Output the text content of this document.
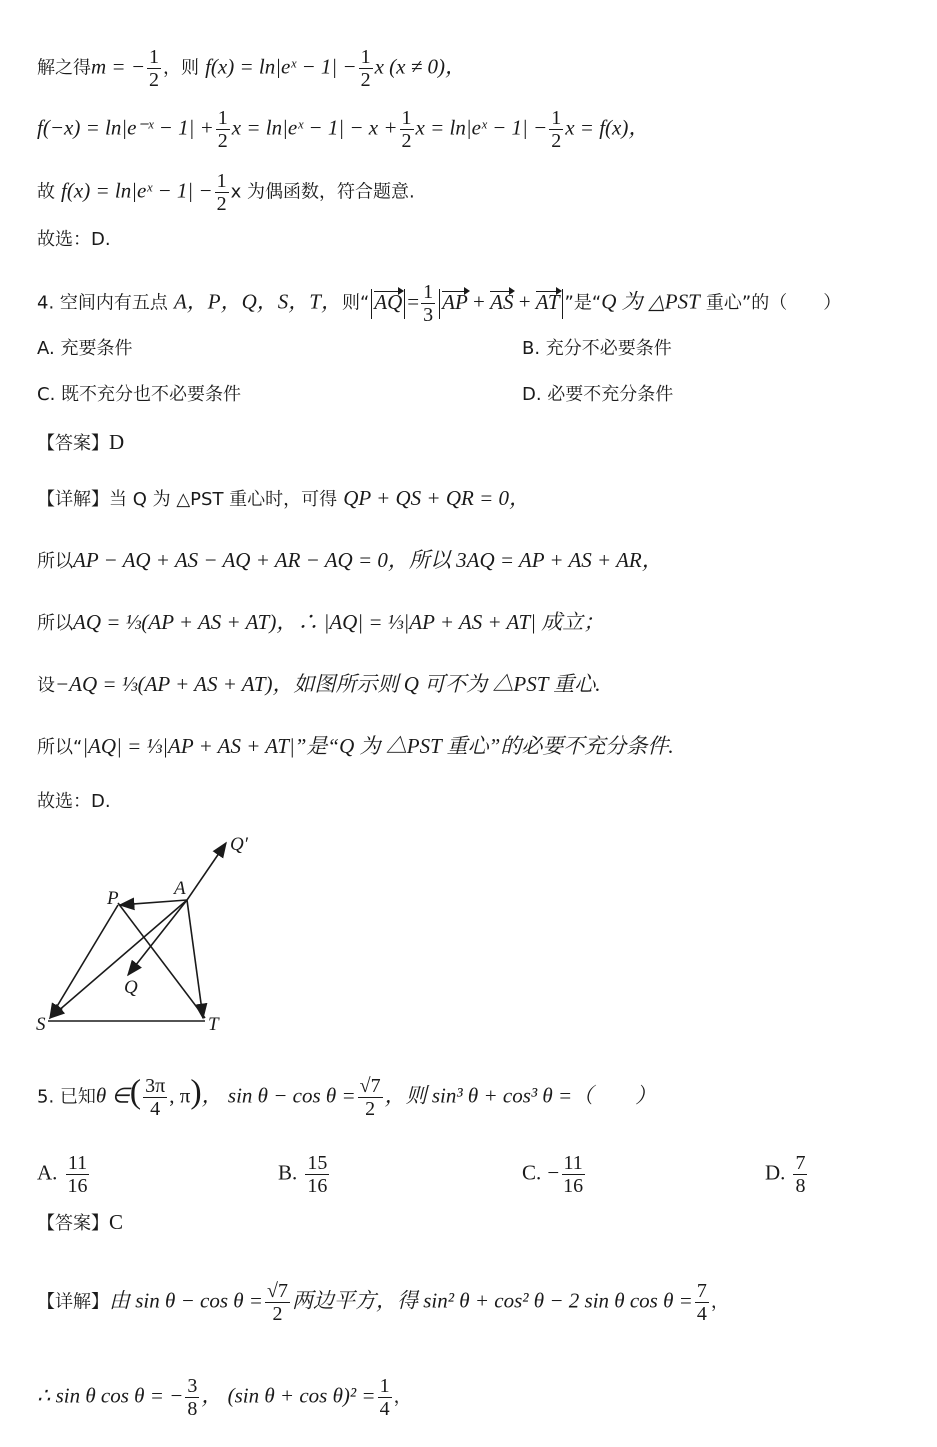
解之得m = − $\frac{1}{2}$ ，则 f(x) = ln|eˣ − $1| - \frac{1}{2}$ x (x ≠ 0)，
f(−x) = ln|e⁻ˣ − $1| + \frac{1}{2}$ x = ln|eˣ − $1| - x + \frac{1}{2}$ x = ln|eˣ − $1| - \frac{1}{2}$ x = f(x)，
故 f(x) = ln|eˣ − $1| - \frac{1}{2}$ x 为偶函数，符合题意.
故选：D.
4. 空间内有五点 A，P，Q，S，T，则“ AQ = $\frac{1}{3}$ AP + AS + AT ”是“Q 为 △PST 重心”的（　　）
A. 充要条件	B. 充分不必要条件
C. 既不充分也不必要条件	D. 必要不充分条件
【答案】D
【详解】当 Q 为 △PST 重心时，可得 QP + QS + QR = 0，
所以AP − AQ + AS − AQ + AR − AQ = 0，所以 3AQ = AP + AS + AR，
所以AQ = ⅓(AP + AS + AT)，∴ |AQ| = ⅓|AP + AS + AT| 成立；
设−AQ = ⅓(AP + AS + AT)，如图所示则 Q 可不为 △PST 重心.
所以“|AQ| = ⅓|AP + AS + AT|”是“Q 为 △PST 重心”的必要不充分条件.
故选：D.
Q′
A
P
Q
S	T
5. 已知θ ∈( $\frac{3\pi}{4}$ , π)， $\sin \theta - \cos \theta = \frac{√7}{2}$ ，则 sin³ θ + cos³ θ =（　　）
A. $\frac{11}{16}$	B. $\frac{15}{16}$	C. − $\frac{11}{16}$	D. $\frac{7}{8}$
【答案】C
【详解】由 $\sin \theta - \cos \theta = \frac{√7}{2}$ 两边平方，得 sin² θ + cos² θ − 2 sin θ $\cos \theta = \frac{7}{4}$ ，
∴ sin θ cos θ = − $\frac{3}{8}$ ， (sin $\theta + \cos \theta)^2 = \frac{1}{4}$ ，
